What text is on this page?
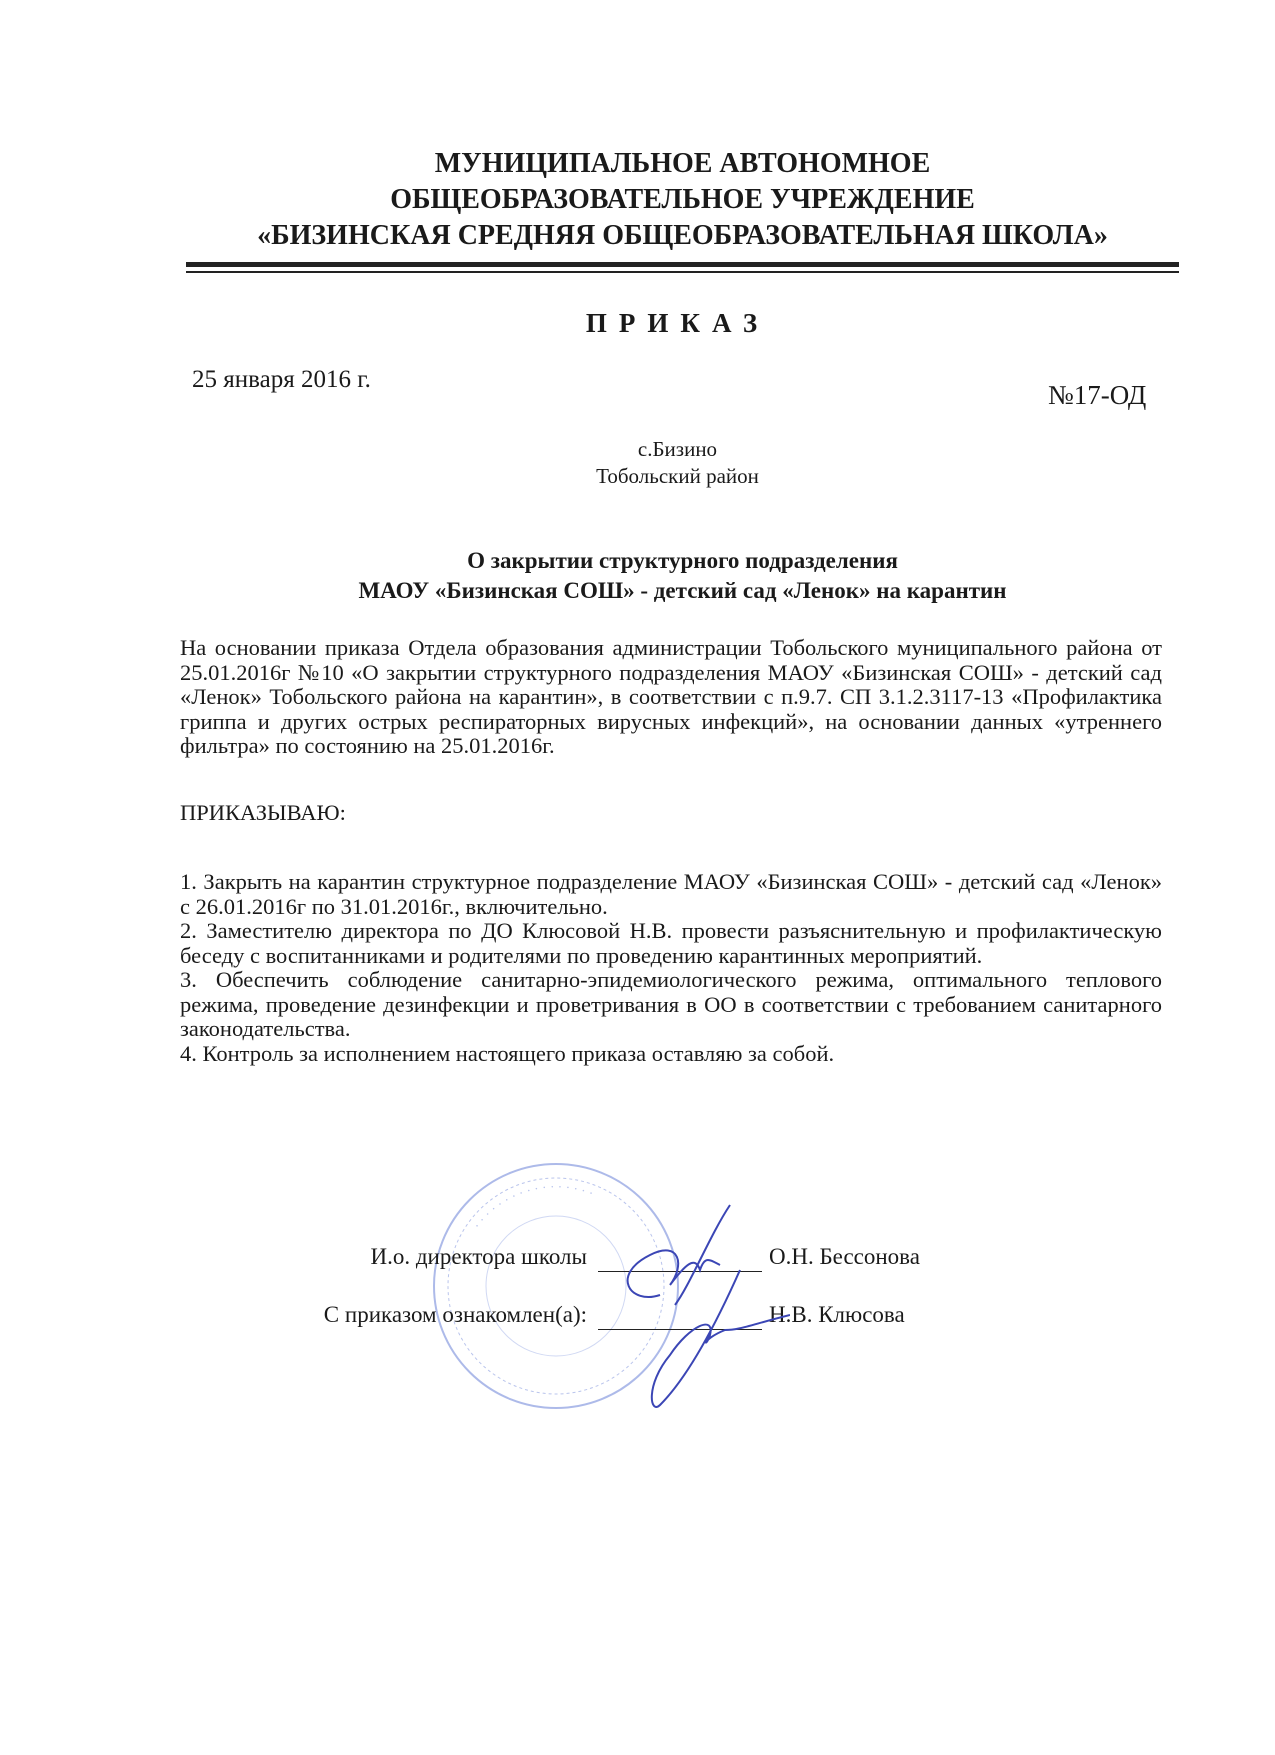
МУНИЦИПАЛЬНОЕ АВТОНОМНОЕ
ОБЩЕОБРАЗОВАТЕЛЬНОЕ УЧРЕЖДЕНИЕ
«БИЗИНСКАЯ СРЕДНЯЯ ОБЩЕОБРАЗОВАТЕЛЬНАЯ ШКОЛА»
ПРИКАЗ
25 января 2016 г.
№17-ОД
с.Бизино
Тобольский район
О закрытии структурного подразделения
МАОУ «Бизинская СОШ» - детский сад «Ленок» на карантин
На основании приказа Отдела образования администрации Тобольского муниципального района от 25.01.2016г №10 «О закрытии структурного подразделения МАОУ «Бизинская СОШ» - детский сад «Ленок» Тобольского района на карантин», в соответствии с п.9.7. СП 3.1.2.3117-13 «Профилактика гриппа и других острых респираторных вирусных инфекций», на основании данных «утреннего фильтра» по состоянию на 25.01.2016г.
ПРИКАЗЫВАЮ:
1. Закрыть на карантин структурное подразделение МАОУ «Бизинская СОШ» - детский сад «Ленок» с 26.01.2016г по 31.01.2016г., включительно.
2. Заместителю директора по ДО Клюсовой Н.В. провести разъяснительную и профилактическую беседу с воспитанниками и родителями по проведению карантинных мероприятий.
3. Обеспечить соблюдение санитарно-эпидемиологического режима, оптимального теплового режима, проведение дезинфекции и проветривания в ОО в соответствии с требованием санитарного законодательства.
4. Контроль за исполнением настоящего приказа оставляю за собой.
· · · · · · · · · · · · · · · · ·
И.о. директора школы	О.Н. Бессонова
С приказом ознакомлен(а):	Н.В. Клюсова
